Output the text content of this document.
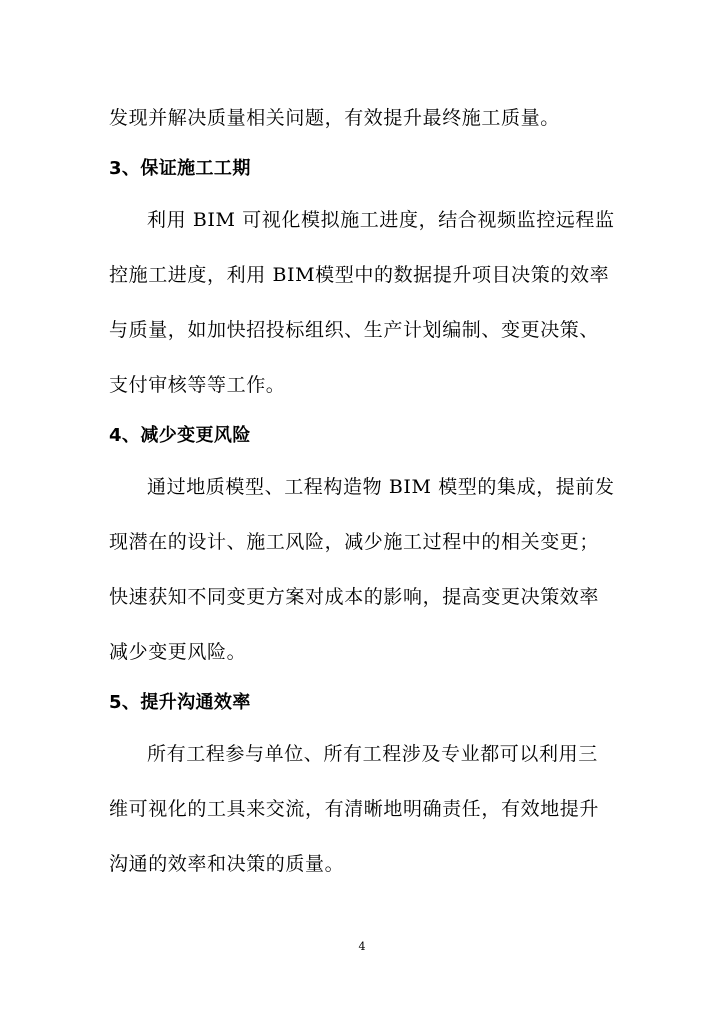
发现并解决质量相关问题，有效提升最终施工质量。
3、保证施工工期
利用 BIM 可视化模拟施工进度，结合视频监控远程监
控施工进度，利用 BIM模型中的数据提升项目决策的效率
与质量，如加快招投标组织、生产计划编制、变更决策、
支付审核等等工作。
4、减少变更风险
通过地质模型、工程构造物 BIM 模型的集成，提前发
现潜在的设计、施工风险，减少施工过程中的相关变更；
快速获知不同变更方案对成本的影响，提高变更决策效率
减少变更风险。
5、提升沟通效率
所有工程参与单位、所有工程涉及专业都可以利用三
维可视化的工具来交流，有清晰地明确责任，有效地提升
沟通的效率和决策的质量。
4
